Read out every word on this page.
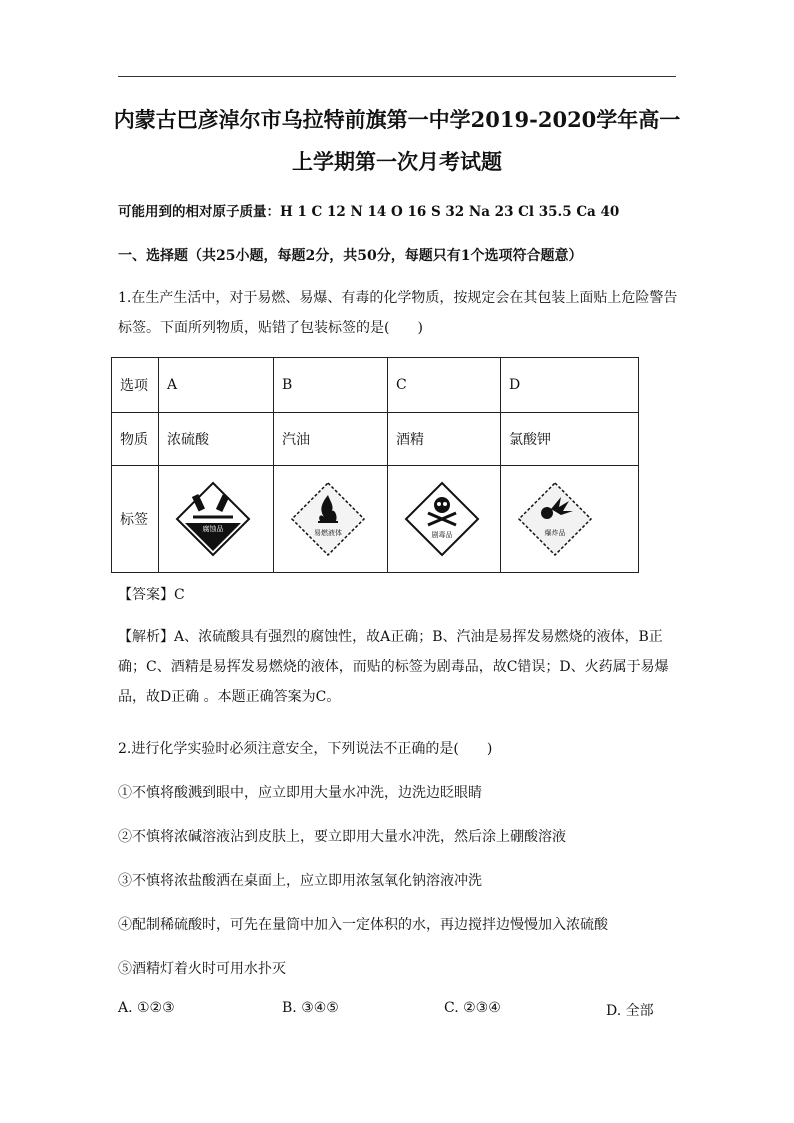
内蒙古巴彦淖尔市乌拉特前旗第一中学2019-2020学年高一
上学期第一次月考试题
可能用到的相对原子质量：H 1 C 12 N 14 O 16 S 32 Na 23 Cl 35.5 Ca 40
一、选择题（共25小题，每题2分，共50分，每题只有1个选项符合题意）
1.在生产生活中，对于易燃、易爆、有毒的化学物质，按规定会在其包装上面贴上危险警告标签。下面所列物质，贴错了包装标签的是(　　)
选项	A	B	C	D
物质	浓硫酸	汽油	酒精	氯酸钾
标签	腐蚀品	易燃液体	剧毒品	爆炸品
【答案】C
【解析】A、浓硫酸具有强烈的腐蚀性，故A正确；B、汽油是易挥发易燃烧的液体，B正确；C、酒精是易挥发易燃烧的液体，而贴的标签为剧毒品，故C错误；D、火药属于易爆品，故D正确 。本题正确答案为C。
2.进行化学实验时必须注意安全，下列说法不正确的是(　　)
①不慎将酸溅到眼中，应立即用大量水冲洗，边洗边眨眼睛
②不慎将浓碱溶液沾到皮肤上，要立即用大量水冲洗，然后涂上硼酸溶液
③不慎将浓盐酸洒在桌面上，应立即用浓氢氧化钠溶液冲洗
④配制稀硫酸时，可先在量筒中加入一定体积的水，再边搅拌边慢慢加入浓硫酸
⑤酒精灯着火时可用水扑灭
A. ①②③	B. ③④⑤	C. ②③④	D. 全部
